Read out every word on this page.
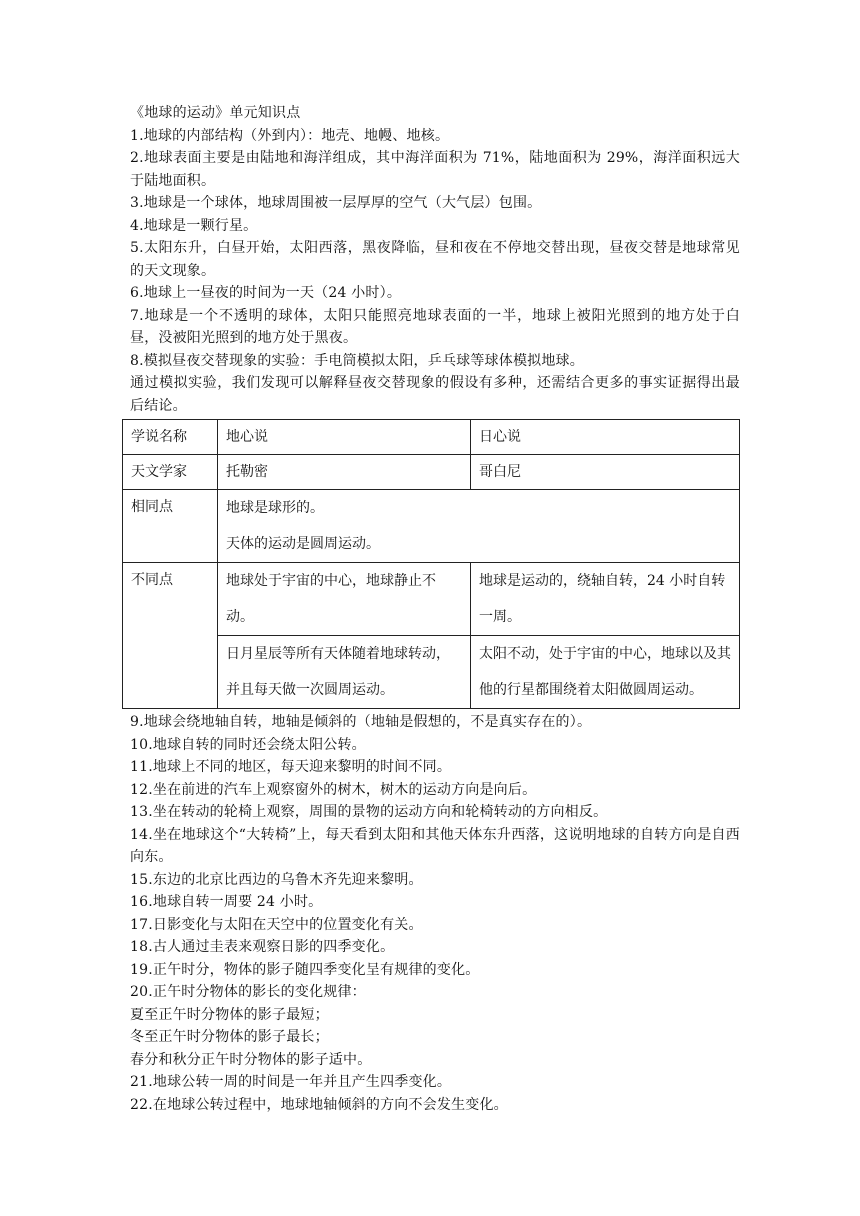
《地球的运动》单元知识点

1.地球的内部结构（外到内）：地壳、地幔、地核。

2.地球表面主要是由陆地和海洋组成，其中海洋面积为 71%，陆地面积为 29%，海洋面积远大于陆地面积。

3.地球是一个球体，地球周围被一层厚厚的空气（大气层）包围。

4.地球是一颗行星。

5.太阳东升，白昼开始，太阳西落，黑夜降临，昼和夜在不停地交替出现，昼夜交替是地球常见的天文现象。

6.地球上一昼夜的时间为一天（24 小时）。

7.地球是一个不透明的球体，太阳只能照亮地球表面的一半，地球上被阳光照到的地方处于白昼，没被阳光照到的地方处于黑夜。

8.模拟昼夜交替现象的实验：手电筒模拟太阳，乒乓球等球体模拟地球。

通过模拟实验，我们发现可以解释昼夜交替现象的假设有多种，还需结合更多的事实证据得出最后结论。

学说名称	地心说	日心说
天文学家	托勒密	哥白尼
相同点	地球是球形的。
天体的运动是圆周运动。	

不同点	地球处于宇宙的中心，地球静止不动。	地球是运动的，绕轴自转，24 小时自转一周。

	日月星辰等所有天体随着地球转动，并且每天做一次圆周运动。	太阳不动，处于宇宙的中心，地球以及其他的行星都围绕着太阳做圆周运动。

9.地球会绕地轴自转，地轴是倾斜的（地轴是假想的，不是真实存在的）。

10.地球自转的同时还会绕太阳公转。

11.地球上不同的地区，每天迎来黎明的时间不同。

12.坐在前进的汽车上观察窗外的树木，树木的运动方向是向后。

13.坐在转动的轮椅上观察，周围的景物的运动方向和轮椅转动的方向相反。

14.坐在地球这个“大转椅”上，每天看到太阳和其他天体东升西落，这说明地球的自转方向是自西向东。

15.东边的北京比西边的乌鲁木齐先迎来黎明。

16.地球自转一周要 24 小时。

17.日影变化与太阳在天空中的位置变化有关。

18.古人通过圭表来观察日影的四季变化。

19.正午时分，物体的影子随四季变化呈有规律的变化。

20.正午时分物体的影长的变化规律：

夏至正午时分物体的影子最短；

冬至正午时分物体的影子最长；

春分和秋分正午时分物体的影子适中。

21.地球公转一周的时间是一年并且产生四季变化。

22.在地球公转过程中，地球地轴倾斜的方向不会发生变化。
